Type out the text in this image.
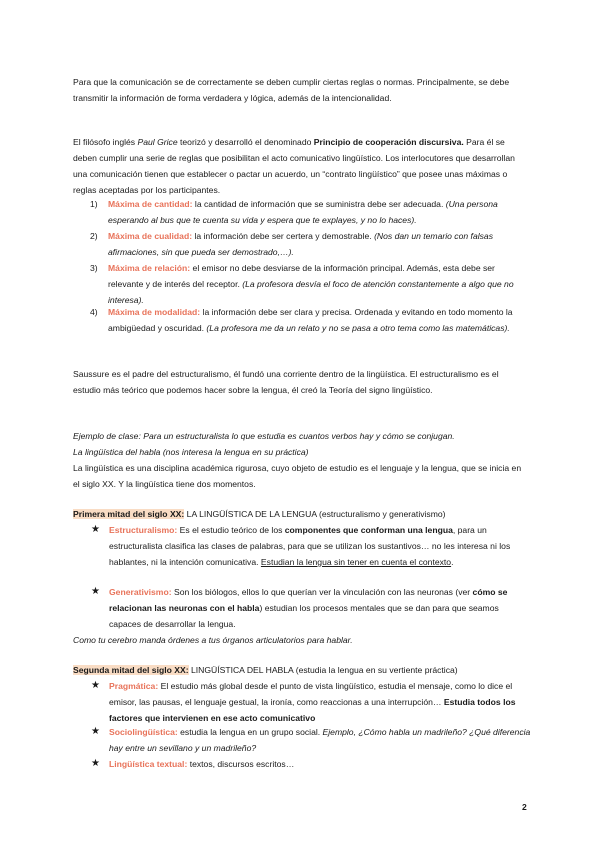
Para que la comunicación se de correctamente se deben cumplir ciertas reglas o normas. Principalmente, se debe transmitir la información de forma verdadera y lógica, además de la intencionalidad.

El filósofo inglés Paul Grice teorizó y desarrolló el denominado Principio de cooperación discursiva. Para él se deben cumplir una serie de reglas que posibilitan el acto comunicativo lingüístico. Los interlocutores que desarrollan una comunicación tienen que establecer o pactar un acuerdo, un “contrato lingüístico” que posee unas máximas o reglas aceptadas por los participantes.

1)	Máxima de cantidad: la cantidad de información que se suministra debe ser adecuada. (Una persona esperando al bus que te cuenta su vida y espera que te explayes, y no lo haces).
2)	Máxima de cualidad: la información debe ser certera y demostrable. (Nos dan un temario con falsas afirmaciones, sin que pueda ser demostrado,…).
3)	Máxima de relación: el emisor no debe desviarse de la información principal. Además, esta debe ser relevante y de interés del receptor. (La profesora desvía el foco de atención constantemente a algo que no interesa).
4)	Máxima de modalidad: la información debe ser clara y precisa. Ordenada y evitando en todo momento la ambigüedad y oscuridad. (La profesora me da un relato y no se pasa a otro tema como las matemáticas).

Saussure es el padre del estructuralismo, él fundó una corriente dentro de la lingüística. El estructuralismo es el estudio más teórico que podemos hacer sobre la lengua, él creó la Teoría del signo lingüístico.

Ejemplo de clase: Para un estructuralista lo que estudia es cuantos verbos hay y cómo se conjugan.

La lingüística del habla (nos interesa la lengua en su práctica)

La lingüística es una disciplina académica rigurosa, cuyo objeto de estudio es el lenguaje y la lengua, que se inicia en el siglo XX. Y la lingüística tiene dos momentos.

Primera mitad del siglo XX: LA LINGÜÍSTICA DE LA LENGUA (estructuralismo y generativismo)

★ Estructuralismo: Es el estudio teórico de los componentes que conforman una lengua, para un estructuralista clasifica las clases de palabras, para que se utilizan los sustantivos… no les interesa ni los hablantes, ni la intención comunicativa. Estudian la lengua sin tener en cuenta el contexto.
★ Generativismo: Son los biólogos, ellos lo que querían ver la vinculación con las neuronas (ver cómo se relacionan las neuronas con el habla) estudian los procesos mentales que se dan para que seamos capaces de desarrollar la lengua.

Como tu cerebro manda órdenes a tus órganos articulatorios para hablar.

Segunda mitad del siglo XX: LINGÜÍSTICA DEL HABLA (estudia la lengua en su vertiente práctica)

★ Pragmática: El estudio más global desde el punto de vista lingüístico, estudia el mensaje, como lo dice el emisor, las pausas, el lenguaje gestual, la ironía, como reaccionas a una interrupción… Estudia todos los factores que intervienen en ese acto comunicativo
★ Sociolingüística: estudia la lengua en un grupo social. Ejemplo, ¿Cómo habla un madrileño? ¿Qué diferencia hay entre un sevillano y un madrileño?
★ Lingüística textual: textos, discursos escritos…
2
